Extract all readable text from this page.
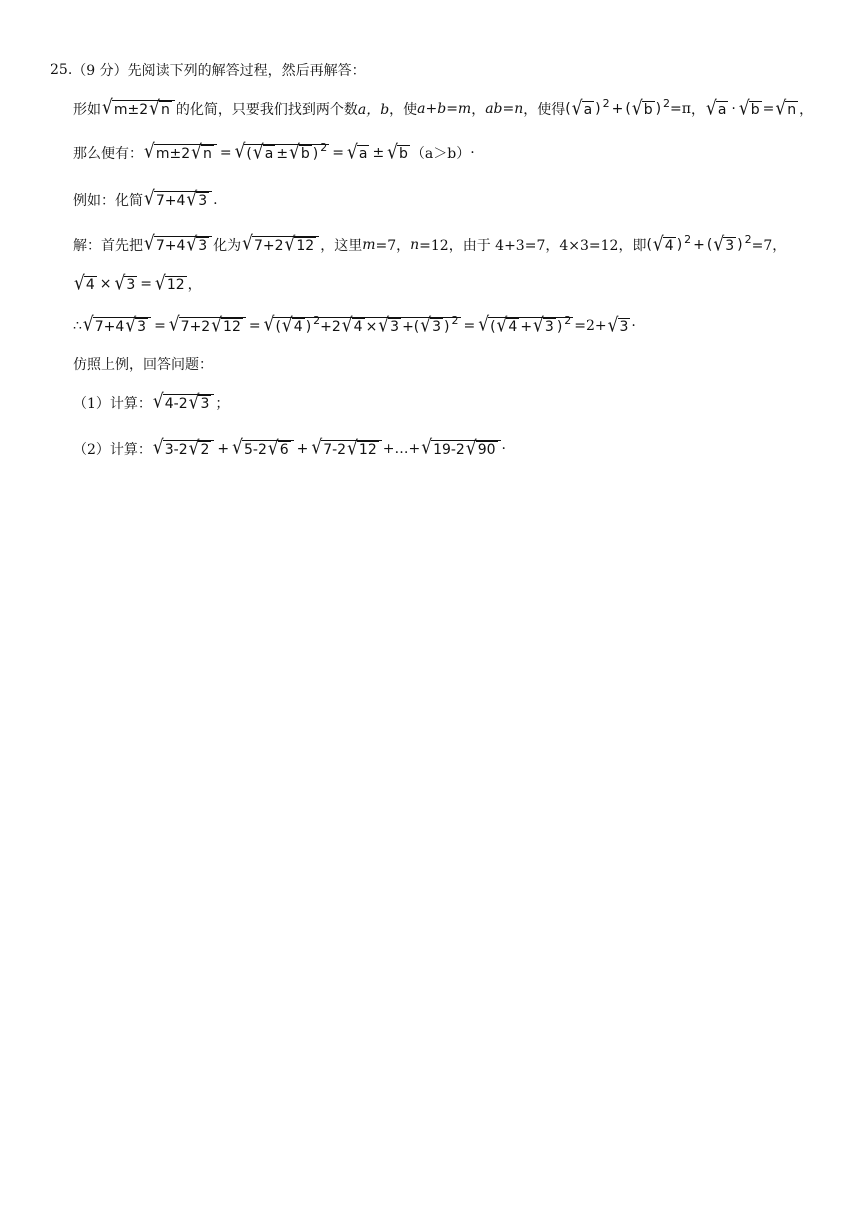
25. （9 分） 先阅读下列的解答过程，然后再解答：
形如 √ m±2 √ n 的化简，只要我们找到两个数 a，b ，使 a+b=m ， ab=n ，使得 ( √ a ) 2 + ( √ b ) 2 =π ， √ a · √ b = √ n ，
那么便有： √ m±2 √ n = √ ( √ a ± √ b ) 2 = √ a ± √ b （a＞b） ·
例如：化简 √ 7+4 √ 3 .
解：首先把 √ 7+4 √ 3 化为 √ 7+2 √ 12 ，这里 m =7， n =12，由于 4+3=7，4×3=12，即 ( √ 4 ) 2 + ( √ 3 ) 2 =7，
√ 4 × √ 3 = √ 12 ，
∴ √ 7+4 √ 3 = √ 7+2 √ 12 = √ ( √ 4 ) 2 +2 √ 4 × √ 3 +( √ 3 ) 2 = √ ( √ 4 + √ 3 ) 2 =2+ √ 3 ·
仿照上例，回答问题：
（1）计算： √ 4-2 √ 3 ；
（2）计算： √ 3-2 √ 2 + √ 5-2 √ 6 + √ 7-2 √ 12 +…+ √ 19-2 √ 90 ·
